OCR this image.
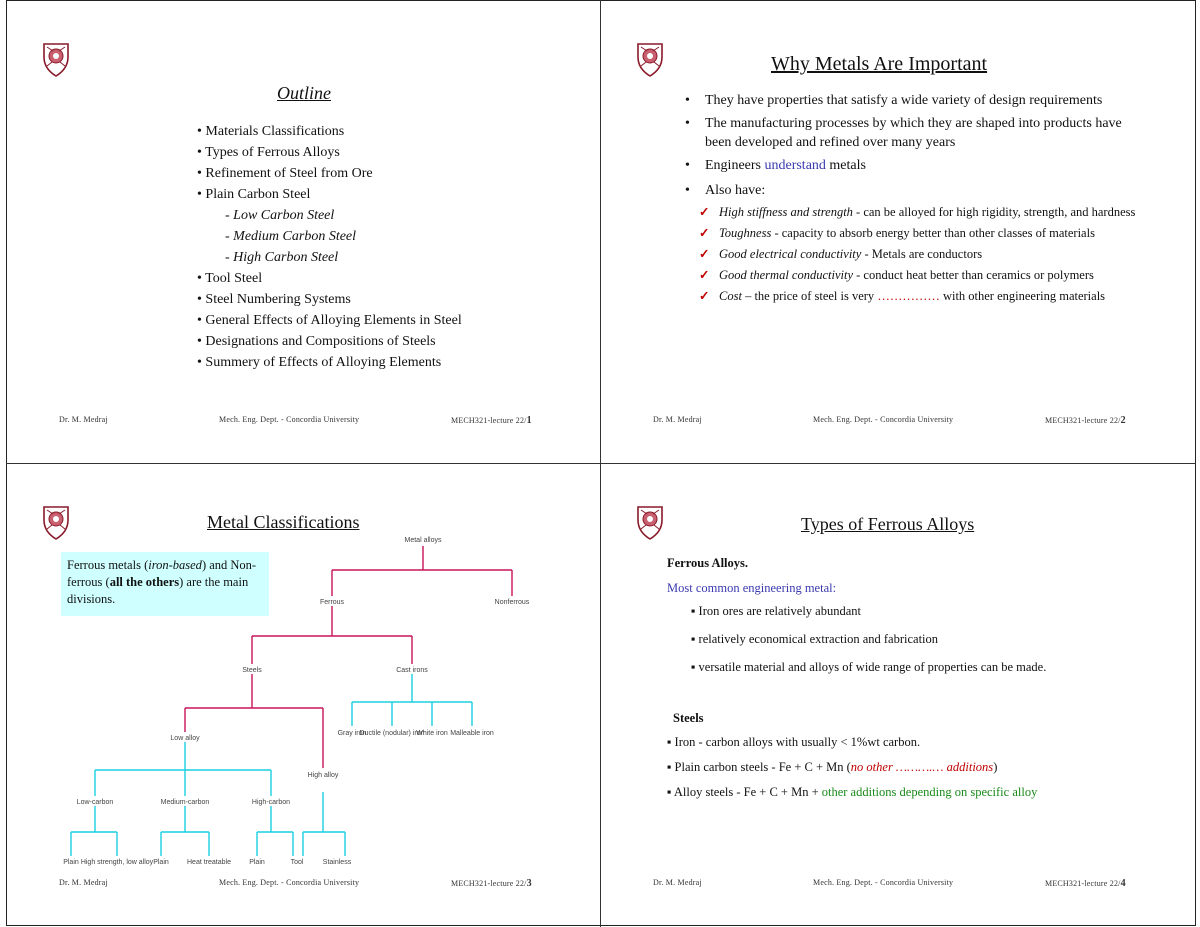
Outline
• Materials Classifications
• Types of Ferrous Alloys
• Refinement of Steel from Ore
• Plain Carbon Steel
- Low Carbon Steel
- Medium Carbon Steel
- High Carbon Steel
• Tool Steel
• Steel Numbering Systems
• General Effects of Alloying Elements in Steel
• Designations and Compositions of Steels
• Summery of Effects of Alloying Elements
Dr. M. Medraj	Mech. Eng. Dept. - Concordia University	MECH321-lecture 22/1
Why Metals Are Important
• They have properties that satisfy a wide variety of design requirements
• The manufacturing processes by which they are shaped into products have been developed and refined over many years
• Engineers understand metals
• Also have:
✓ High stiffness and strength - can be alloyed for high rigidity, strength, and hardness
✓ Toughness - capacity to absorb energy better than other classes of materials
✓ Good electrical conductivity - Metals are conductors
✓ Good thermal conductivity - conduct heat better than ceramics or polymers
✓ Cost – the price of steel is very …………… with other engineering materials
Dr. M. Medraj	Mech. Eng. Dept. - Concordia University	MECH321-lecture 22/2
Metal alloys
Ferrous	Nonferrous
Steels	Cast irons
Gray iron
Ductile (nodular) iron
White iron Malleable iron
Low alloy
High alloy
Low-carbon	Medium-carbon	High-carbon
Plain High strength, low alloy Plain	Heat treatable	Plain	Tool	Stainless
Metal Classifications
Ferrous metals (iron-based) and Non-ferrous (all the others) are the main divisions.
Dr. M. Medraj	Mech. Eng. Dept. - Concordia University	MECH321-lecture 22/3
Types of Ferrous Alloys
Ferrous Alloys.
Most common engineering metal:
▪ Iron ores are relatively abundant
▪ relatively economical extraction and fabrication
▪ versatile material and alloys of wide range of properties can be made.
Steels
▪ Iron - carbon alloys with usually < 1%wt carbon.
▪ Plain carbon steels - Fe + C + Mn (no other ……….… additions)
▪ Alloy steels - Fe + C + Mn + other additions depending on specific alloy
Dr. M. Medraj	Mech. Eng. Dept. - Concordia University	MECH321-lecture 22/4
